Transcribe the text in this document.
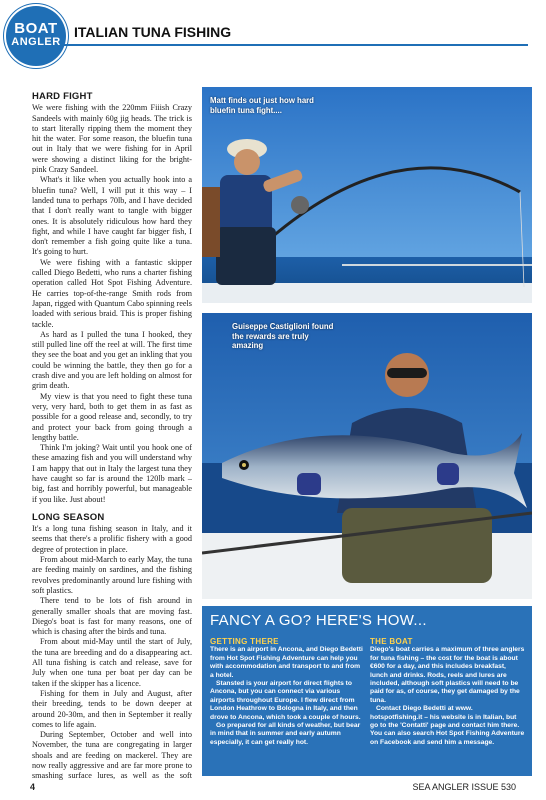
BOAT
ANGLER
ITALIAN TUNA FISHING
HARD FIGHT

We were fishing with the 220mm Fiiish Crazy Sandeels with mainly 60g jig heads. The trick is to start literally ripping them the moment they hit the water. For some reason, the bluefin tuna out in Italy that we were fishing for in April were showing a distinct liking for the bright-pink Crazy Sandeel.

What's it like when you actually hook into a bluefin tuna? Well, I will put it this way – I landed tuna to perhaps 70lb, and I have decided that I don't really want to tangle with bigger ones. It is absolutely ridiculous how hard they fight, and while I have caught far bigger fish, I don't remember a fish going quite like a tuna. It's going to hurt.

We were fishing with a fantastic skipper called Diego Bedetti, who runs a charter fishing operation called Hot Spot Fishing Adventure. He carries top-of-the-range Smith rods from Japan, rigged with Quantum Cabo spinning reels loaded with serious braid. This is proper fishing tackle.

As hard as I pulled the tuna I hooked, they still pulled line off the reel at will. The first time they see the boat and you get an inkling that you could be winning the battle, they then go for a crash dive and you are left holding on almost for grim death.

My view is that you need to fight these tuna very, very hard, both to get them in as fast as possible for a good release and, secondly, to try and protect your back from going through a lengthy battle.

Think I'm joking? Wait until you hook one of these amazing fish and you will understand why I am happy that out in Italy the largest tuna they have caught so far is around the 120lb mark – big, fast and horribly powerful, but manageable if you like. Just about!

LONG SEASON

It's a long tuna fishing season in Italy, and it seems that there's a prolific fishery with a good degree of protection in place.

From about mid-March to early May, the tuna are feeding mainly on sardines, and the fishing revolves predominantly around lure fishing with soft plastics.

There tend to be lots of fish around in generally smaller shoals that are moving fast. Diego's boat is fast for many reasons, one of which is chasing after the birds and tuna.

From about mid-May until the start of July, the tuna are breeding and do a disappearing act. All tuna fishing is catch and release, save for July when one tuna per boat per day can be taken if the skipper has a licence.

Fishing for them in July and August, after their breeding, tends to be down deeper at around 20-30m, and then in September it really comes to life again.

During September, October and well into November, the tuna are congregating in larger shoals and are feeding on mackerel. They are now really aggressive and are far more prone to smashing surface lures, as well as the soft

Matt finds out just how hard bluefin tuna fight....
Guiseppe Castiglioni found the rewards are truly amazing
FANCY A GO? HERE'S HOW...
GETTING THERE

There is an airport in Ancona, and Diego Bedetti from Hot Spot Fishing Adventure can help you with accommodation and transport to and from a hotel.

Stansted is your airport for direct flights to Ancona, but you can connect via various airports throughout Europe. I flew direct from London Heathrow to Bologna in Italy, and then drove to Ancona, which took a couple of hours.

Go prepared for all kinds of weather, but bear in mind that in summer and early autumn especially, it can get really hot.

THE BOAT

Diego's boat carries a maximum of three anglers for tuna fishing – the cost for the boat is about €600 for a day, and this includes breakfast, lunch and drinks. Rods, reels and lures are included, although soft plastics will need to be paid for as, of course, they get damaged by the tuna.

Contact Diego Bedetti at www. hotspotfishing.it – his website is in Italian, but go to the 'Contatti' page and contact him there. You can also search Hot Spot Fishing Adventure on Facebook and send him a message.

4	SEA ANGLER ISSUE 530
